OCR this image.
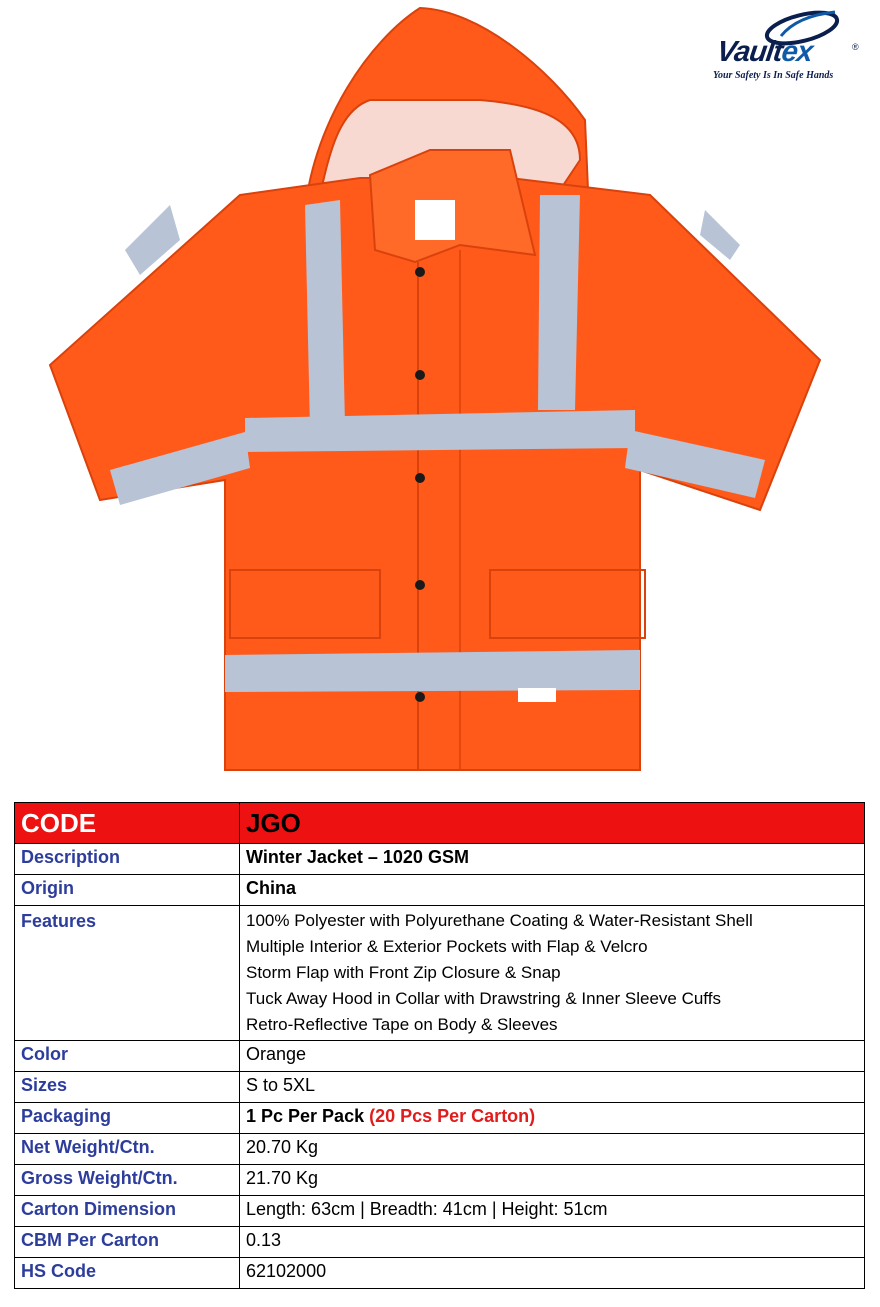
Vaultex	®
Your Safety Is In Safe Hands
CODE	JGO
Description	Winter Jacket – 1020 GSM
Origin	China
Features	100% Polyester with Polyurethane Coating & Water-Resistant Shell
Multiple Interior & Exterior Pockets with Flap & Velcro
Storm Flap with Front Zip Closure & Snap
Tuck Away Hood in Collar with Drawstring & Inner Sleeve Cuffs
Retro-Reflective Tape on Body & Sleeves

Color	Orange
Sizes	S to 5XL
Packaging	1 Pc Per Pack (20 Pcs Per Carton)
Net Weight/Ctn.	20.70 Kg
Gross Weight/Ctn.	21.70 Kg
Carton Dimension	Length: 63cm | Breadth: 41cm | Height: 51cm
CBM Per Carton	0.13
HS Code	62102000
